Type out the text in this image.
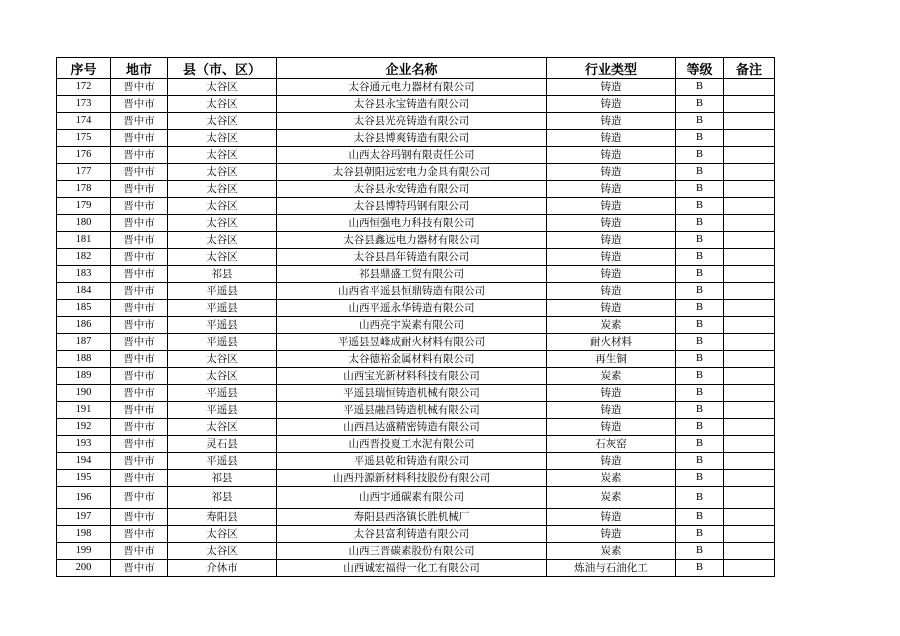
序号	地市	县（市、区）	企业名称	行业类型	等级	备注
172	晋中市	太谷区	太谷通元电力器材有限公司	铸造	B	
173	晋中市	太谷区	太谷县永宝铸造有限公司	铸造	B	
174	晋中市	太谷区	太谷县光亮铸造有限公司	铸造	B	
175	晋中市	太谷区	太谷县博爽铸造有限公司	铸造	B	
176	晋中市	太谷区	山西太谷玛钢有限责任公司	铸造	B	
177	晋中市	太谷区	太谷县朝阳远宏电力金具有限公司	铸造	B	
178	晋中市	太谷区	太谷县永安铸造有限公司	铸造	B	
179	晋中市	太谷区	太谷县博特玛钢有限公司	铸造	B	
180	晋中市	太谷区	山西恒强电力科技有限公司	铸造	B	
181	晋中市	太谷区	太谷县鑫远电力器材有限公司	铸造	B	
182	晋中市	太谷区	太谷县昌年铸造有限公司	铸造	B	
183	晋中市	祁县	祁县鼎盛工贸有限公司	铸造	B	
184	晋中市	平遥县	山西省平遥县恒鼎铸造有限公司	铸造	B	
185	晋中市	平遥县	山西平遥永华铸造有限公司	铸造	B	
186	晋中市	平遥县	山西亮宇炭素有限公司	炭素	B	
187	晋中市	平遥县	平遥县昱峰成耐火材料有限公司	耐火材料	B	
188	晋中市	太谷区	太谷德裕金属材料有限公司	再生铜	B	
189	晋中市	太谷区	山西宝光新材料科技有限公司	炭素	B	
190	晋中市	平遥县	平遥县瑞恒铸造机械有限公司	铸造	B	
191	晋中市	平遥县	平遥县融昌铸造机械有限公司	铸造	B	
192	晋中市	太谷区	山西昌达盛精密铸造有限公司	铸造	B	
193	晋中市	灵石县	山西晋投夏工水泥有限公司	石灰窑	B	
194	晋中市	平遥县	平遥县乾和铸造有限公司	铸造	B	
195	晋中市	祁县	山西丹源新材料科技股份有限公司	炭素	B	
196	晋中市	祁县	山西宇通碳素有限公司	炭素	B	
197	晋中市	寿阳县	寿阳县西洛镇长胜机械厂	铸造	B	
198	晋中市	太谷区	太谷县富利铸造有限公司	铸造	B	
199	晋中市	太谷区	山西三晋碳素股份有限公司	炭素	B	
200	晋中市	介休市	山西诚宏福得一化工有限公司	炼油与石油化工	B	
